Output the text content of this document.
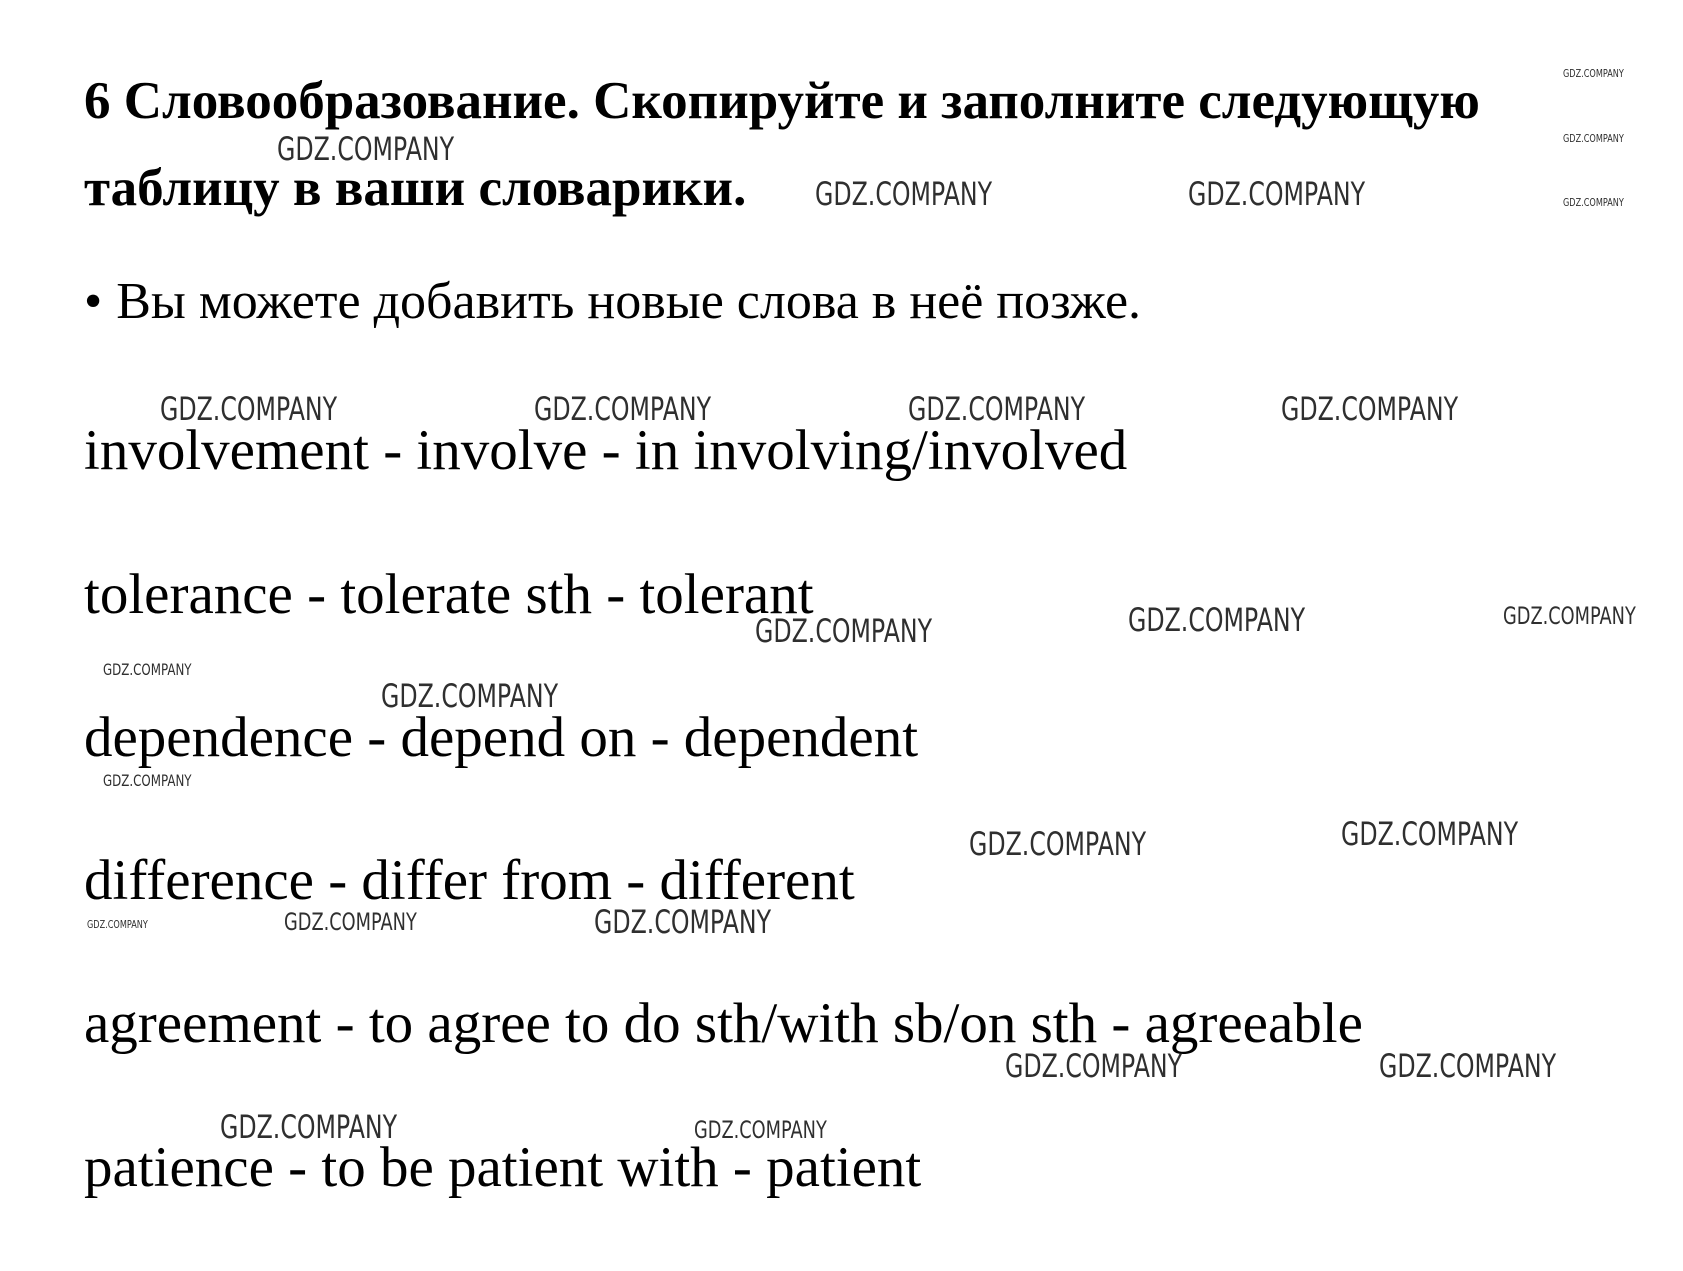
6 Словообразование. Скопируйте и заполните следующую
таблицу в ваши словарики.

• Вы можете добавить новые слова в неё позже.

involvement - involve - in involving/involved

tolerance - tolerate sth - tolerant

dependence - depend on - dependent

difference - differ from - different

agreement - to agree to do sth/with sb/on sth - agreeable

patience - to be patient with - patient

GDZ.COMPANY
GDZ.COMPANY
GDZ.COMPANY
GDZ.COMPANY
GDZ.COMPANY	GDZ.COMPANY
GDZ.COMPANY	GDZ.COMPANY	GDZ.COMPANY	GDZ.COMPANY
GDZ.COMPANY	GDZ.COMPANY	GDZ.COMPANY
GDZ.COMPANY
GDZ.COMPANY
GDZ.COMPANY
GDZ.COMPANY	GDZ.COMPANY
GDZ.COMPANY	GDZ.COMPANY	GDZ.COMPANY
GDZ.COMPANY	GDZ.COMPANY
GDZ.COMPANY	GDZ.COMPANY
